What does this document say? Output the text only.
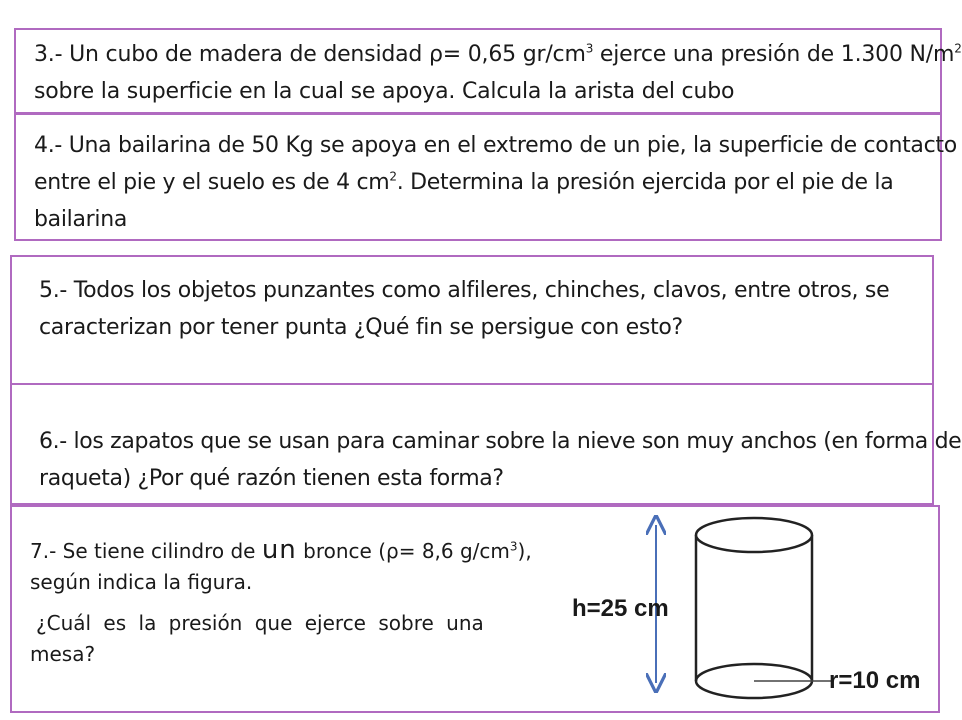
3.- Un cubo de madera de densidad ρ= 0,65 $gr/cm^3$ ejerce una presión de 1.300 $N/m^2$
sobre la superficie en la cual se apoya. Calcula la arista del cubo

4.- Una bailarina de 50 Kg se apoya en el extremo de un pie, la superficie de contacto
entre el pie y el suelo es de 4 $cm^2$. Determina la presión ejercida por el pie de la
bailarina

5.- Todos los objetos punzantes como alfileres, chinches, clavos, entre otros, se
caracterizan por tener punta ¿Qué fin se persigue con esto?

6.- los zapatos que se usan para caminar sobre la nieve son muy anchos (en forma de
raqueta) ¿Por qué razón tienen esta forma?

7.- Se tiene cilindro de un bronce (ρ= 8,6 $g/cm^3$),
según indica la figura.
¿Cuál es la presión que ejerce sobre una
mesa?

h=25 cm
r=10 cm
